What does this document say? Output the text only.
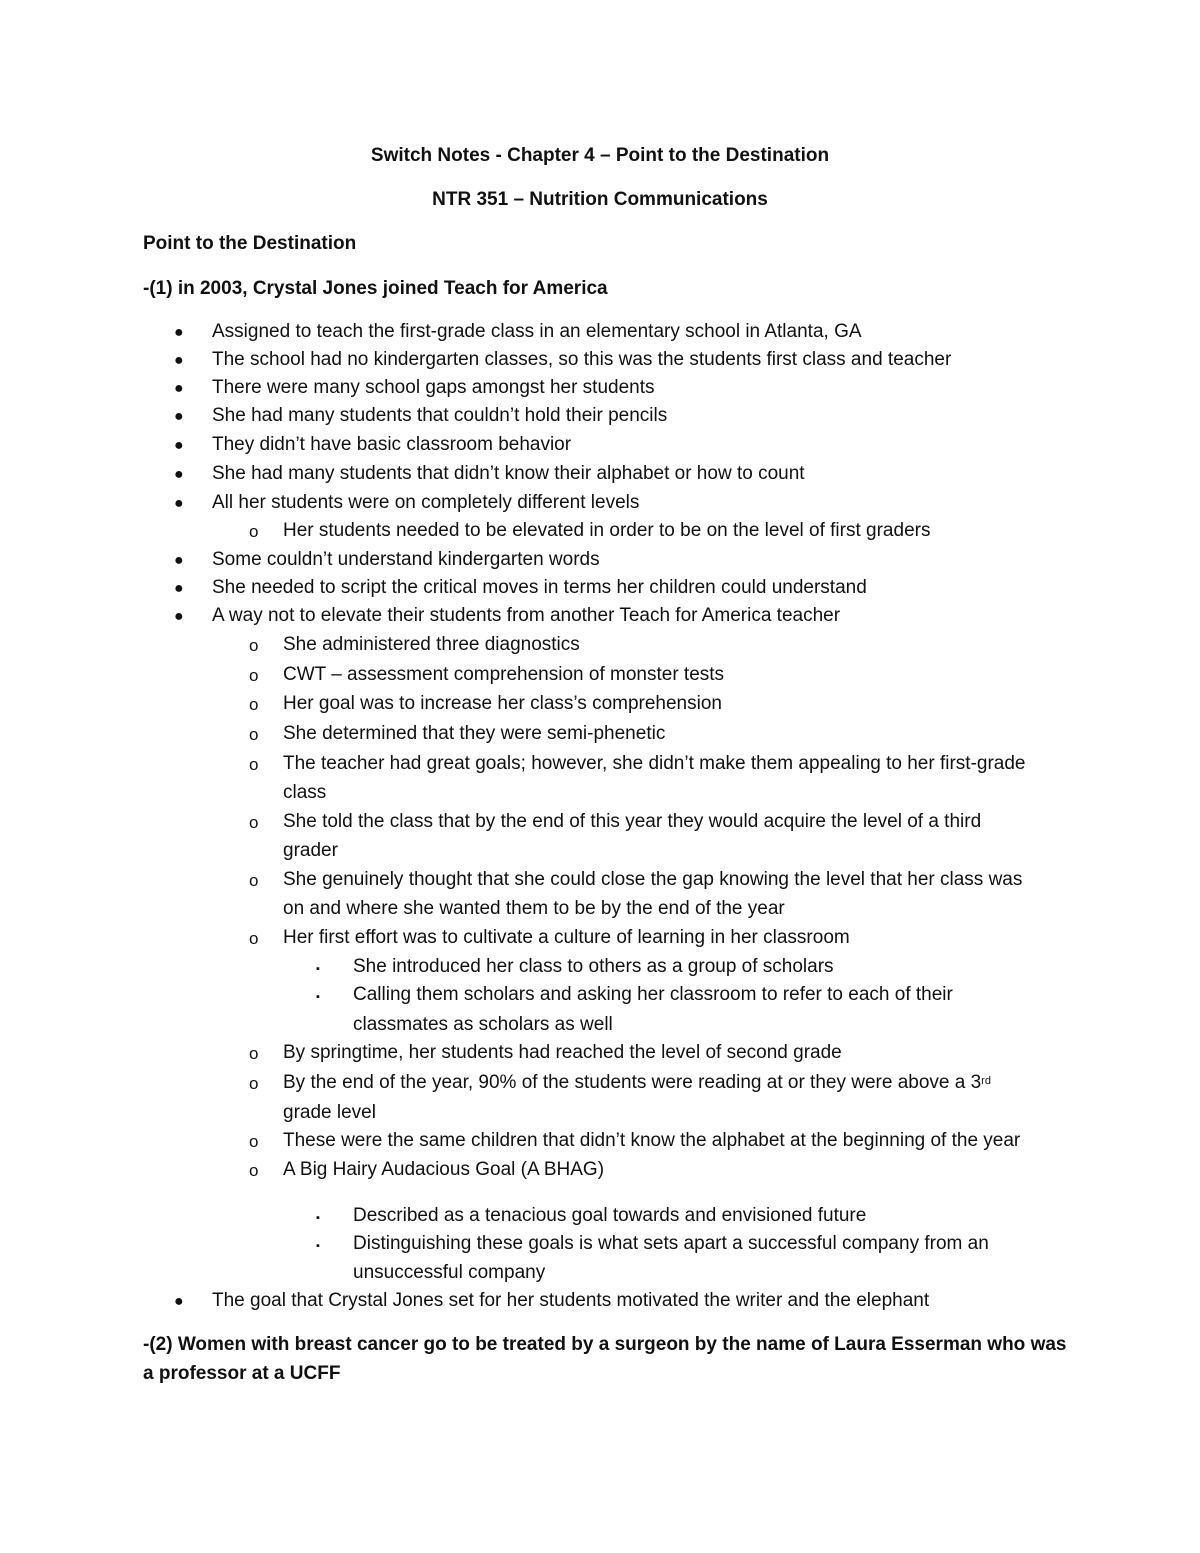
Switch Notes - Chapter 4 – Point to the Destination
NTR 351 – Nutrition Communications
Point to the Destination
-(1) in 2003, Crystal Jones joined Teach for America
● Assigned to teach the first-grade class in an elementary school in Atlanta, GA
● The school had no kindergarten classes, so this was the students first class and teacher
● There were many school gaps amongst her students
● She had many students that couldn’t hold their pencils
● They didn’t have basic classroom behavior
● She had many students that didn’t know their alphabet or how to count
● All her students were on completely different levels
o Her students needed to be elevated in order to be on the level of first graders
● Some couldn’t understand kindergarten words
● She needed to script the critical moves in terms her children could understand
● A way not to elevate their students from another Teach for America teacher
o She administered three diagnostics
o CWT – assessment comprehension of monster tests
o Her goal was to increase her class’s comprehension
o She determined that they were semi-phenetic
o The teacher had great goals; however, she didn’t make them appealing to her first-grade
class
o She told the class that by the end of this year they would acquire the level of a third
grader
o She genuinely thought that she could close the gap knowing the level that her class was
on and where she wanted them to be by the end of the year
o Her first effort was to cultivate a culture of learning in her classroom
▪ She introduced her class to others as a group of scholars
▪ Calling them scholars and asking her classroom to refer to each of their
classmates as scholars as well
o By springtime, her students had reached the level of second grade
o By the end of the year, 90% of the students were reading at or they were above a 3rd
grade level
o These were the same children that didn’t know the alphabet at the beginning of the year
o A Big Hairy Audacious Goal (A BHAG)
▪ Described as a tenacious goal towards and envisioned future
▪ Distinguishing these goals is what sets apart a successful company from an
unsuccessful company
● The goal that Crystal Jones set for her students motivated the writer and the elephant
-(2) Women with breast cancer go to be treated by a surgeon by the name of Laura Esserman who was
a professor at a UCFF
